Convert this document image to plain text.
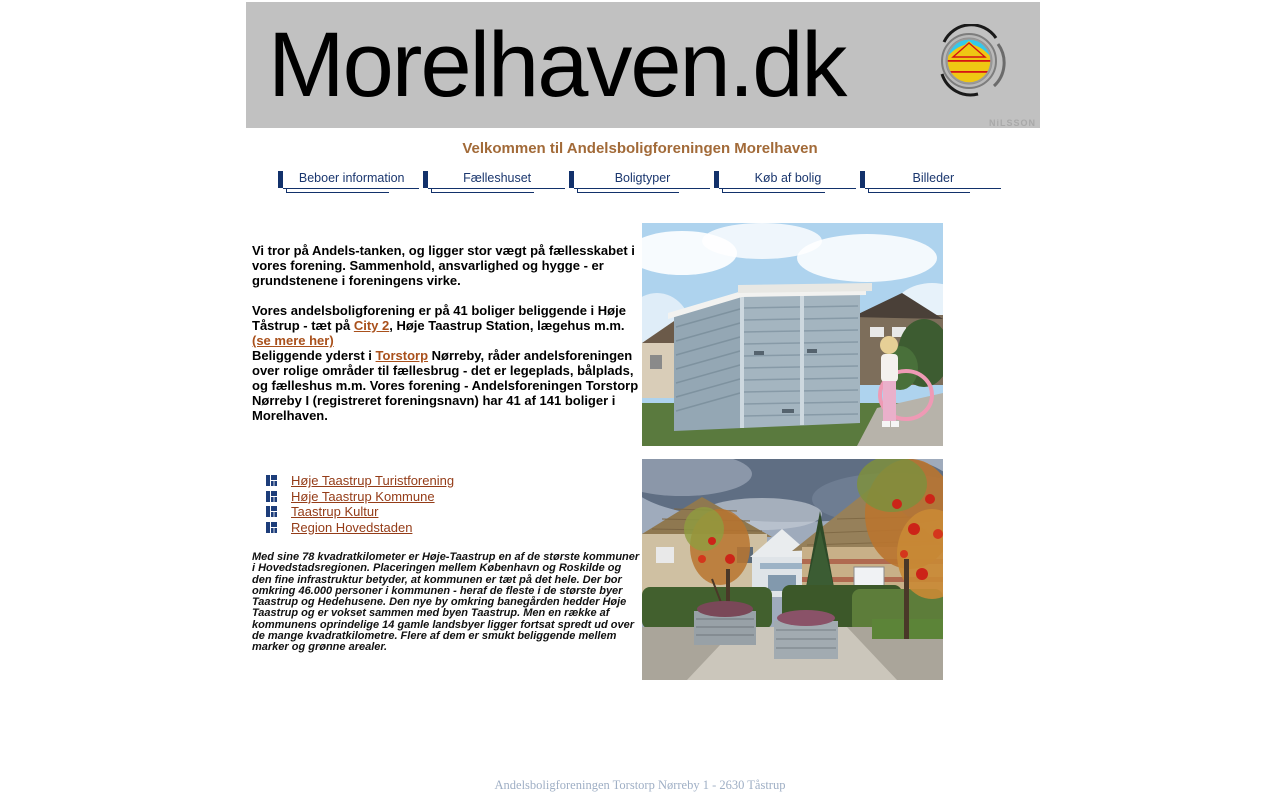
Morelhaven.dk
NiLSSON
Velkommen til Andelsboligforeningen Morelhaven
Beboer information	Fælleshuset	Boligtyper	Køb af bolig	Billeder

Vi tror på Andels-tanken, og ligger stor vægt på fællesskabet i vores forening. Sammenhold, ansvarlighed og hygge - er grundstenene i foreningens virke.

Vores andelsboligforening er på 41 boliger beliggende i Høje Tåstrup - tæt på City 2, Høje Taastrup Station, lægehus m.m.
(se mere her)
Beliggende yderst i Torstorp Nørreby, råder andelsforeningen over rolige områder til fællesbrug - det er legeplads, bålplads, og fælleshus m.m. Vores forening - Andelsforeningen Torstorp Nørreby I (registreret foreningsnavn) har 41 af 141 boliger i Morelhaven.

Høje Taastrup Turistforening
Høje Taastrup Kommune
Taastrup Kultur
Region Hovedstaden

Med sine 78 kvadratkilometer er Høje-Taastrup en af de største kommuner i Hovedstadsregionen. Placeringen mellem København og Roskilde og den fine infrastruktur betyder, at kommunen er tæt på det hele. Der bor omkring 46.000 personer i kommunen - heraf de fleste i de største byer Taastrup og Hedehusene. Den nye by omkring banegården hedder Høje Taastrup og er vokset sammen med byen Taastrup. Men en række af kommunens oprindelige 14 gamle landsbyer ligger fortsat spredt ud over de mange kvadratkilometre. Flere af dem er smukt beliggende mellem marker og grønne arealer.

Andelsboligforeningen Torstorp Nørreby 1 - 2630 Tåstrup
